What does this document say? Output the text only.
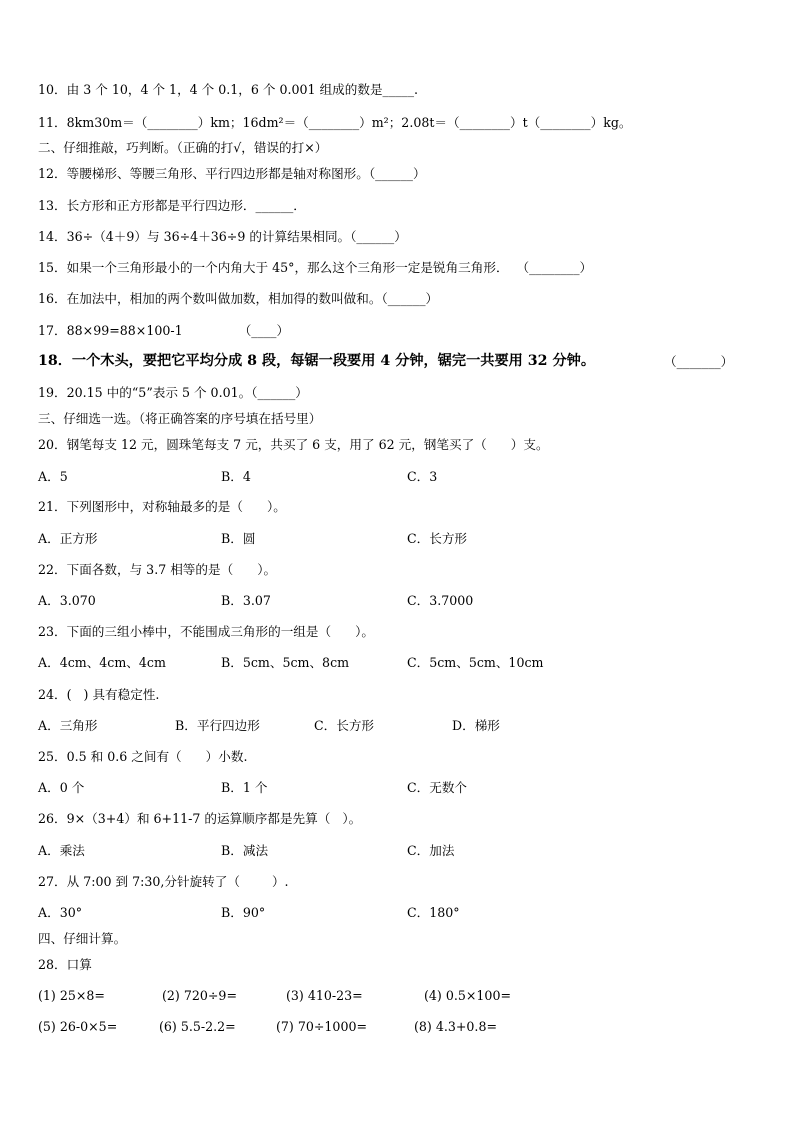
10．由 3 个 10，4 个 1，4 个 0.1，6 个 0.001 组成的数是_____.
11．8km30m＝（________）km；16dm²＝（________）m²；2.08t＝（________）t（________）kg。
二、仔细推敲，巧判断。（正确的打√，错误的打×）
12．等腰梯形、等腰三角形、平行四边形都是轴对称图形。（______）
13．长方形和正方形都是平行四边形．______．
14．36÷（4＋9）与 36÷4＋36÷9 的计算结果相同。（______）
15．如果一个三角形最小的一个内角大于 45°，那么这个三角形一定是锐角三角形．  （________）
16．在加法中，相加的两个数叫做加数，相加得的数叫做和。（______）
17．88×99=88×100-1              （____）
18．一个木头，要把它平均分成 8 段，每锯一段要用 4 分钟，锯完一共要用 32 分钟。	（_______）
19．20.15 中的“5”表示 5 个 0.01。（______）
三、仔细选一选。（将正确答案的序号填在括号里）
20．钢笔每支 12 元，圆珠笔每支 7 元，共买了 6 支，用了 62 元，钢笔买了（      ）支。
A．5	B．4	C．3
21．下列图形中，对称轴最多的是（      ）。
A．正方形	B．圆	C．长方形
22．下面各数，与 3.7 相等的是（      ）。
A．3.070	B．3.07	C．3.7000
23．下面的三组小棒中，不能围成三角形的一组是（      ）。
A．4cm、4cm、4cm	B．5cm、5cm、8cm	C．5cm、5cm、10cm
24．(   ) 具有稳定性.
A．三角形	B．平行四边形	C．长方形	D．梯形
25．0.5 和 0.6 之间有（      ）小数.
A．0 个	B．1 个	C．无数个
26．9×（3+4）和 6+11-7 的运算顺序都是先算（   ）。
A．乘法	B．减法	C．加法
27．从 7:00 到 7:30,分针旋转了（        ）.
A．30°	B．90°	C．180°
四、仔细计算。
28．口算
(1) 25×8=	(2) 720÷9=	(3) 410-23=	(4) 0.5×100=
(5) 26-0×5=	(6) 5.5-2.2=	(7) 70÷1000=	(8) 4.3+0.8=
